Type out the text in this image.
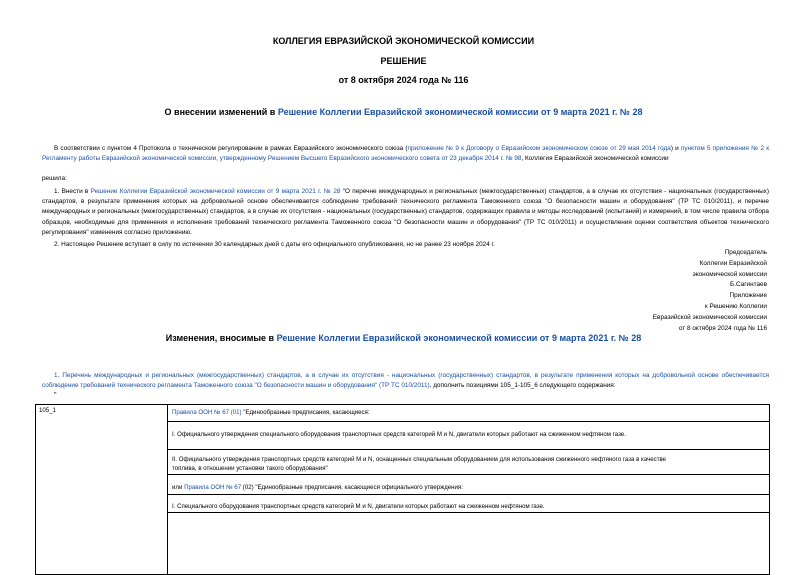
КОЛЛЕГИЯ ЕВРАЗИЙСКОЙ ЭКОНОМИЧЕСКОЙ КОМИССИИ
РЕШЕНИЕ
от 8 октября 2024 года № 116
О внесении изменений в Решение Коллегии Евразийской экономической комиссии от 9 марта 2021 г. № 28
В соответствии с пунктом 4 Протокола о техническом регулировании в рамках Евразийского экономического союза (приложение № 9 к Договору о Евразийском экономическом союзе от 29 мая 2014 года) и пунктом 5 приложения № 2 к Регламенту работы Евразийской экономической комиссии, утвержденному Решением Высшего Евразийского экономического совета от 23 декабря 2014 г. № 98, Коллегия Евразийской экономической комиссии
решила:
1. Внести в Решение Коллегии Евразийской экономической комиссии от 9 марта 2021 г. № 28 "О перечне международных и региональных (межгосударственных) стандартов, а в случае их отсутствия - национальных (государственных) стандартов, в результате применения которых на добровольной основе обеспечивается соблюдение требований технического регламента Таможенного союза "О безопасности машин и оборудования" (ТР ТС 010/2011), и перечне международных и региональных (межгосударственных) стандартов, а в случае их отсутствия - национальных (государственных) стандартов, содержащих правила и методы исследований (испытаний) и измерений, в том числе правила отбора образцов, необходимые для применения и исполнения требований технического регламента Таможенного союза "О безопасности машин и оборудования" (ТР ТС 010/2011) и осуществления оценки соответствия объектов технического регулирования" изменения согласно приложению.
2. Настоящее Решение вступает в силу по истечении 30 календарных дней с даты его официального опубликования, но не ранее 23 ноября 2024 г.
Председатель
Коллегии Евразийской
экономической комиссии
Б.Сагинтаев
Приложение
к Решению Коллегии
Евразийской экономической комиссии
от 8 октября 2024 года № 116
Изменения, вносимые в Решение Коллегии Евразийской экономической комиссии от 9 марта 2021 г. № 28
1. Перечень международных и региональных (межгосударственных) стандартов, а в случае их отсутствия - национальных (государственных) стандартов, в результате применения которых на добровольной основе обеспечивается соблюдение требований технического регламента Таможенного союза "О безопасности машин и оборудования" (ТР ТС 010/2011), дополнить позициями 105_1-105_6 следующего содержания:
"
105_1	Правила ООН № 67 (01) "Единообразные предписания, касающиеся:
I. Официального утверждения специального оборудования транспортных средств категорий M и N, двигатели которых работают на сжиженном нефтяном газе.
II. Официального утверждения транспортных средств категорий M и N, оснащенных специальным оборудованием для использования сжиженного нефтяного газа в качестве топлива, в отношении установки такого оборудования"
или Правила ООН № 67 (02) "Единообразные предписания, касающиеся официального утверждения:
I. Специального оборудования транспортных средств категорий M и N, двигатели которых работают на сжиженном нефтяном газе.
